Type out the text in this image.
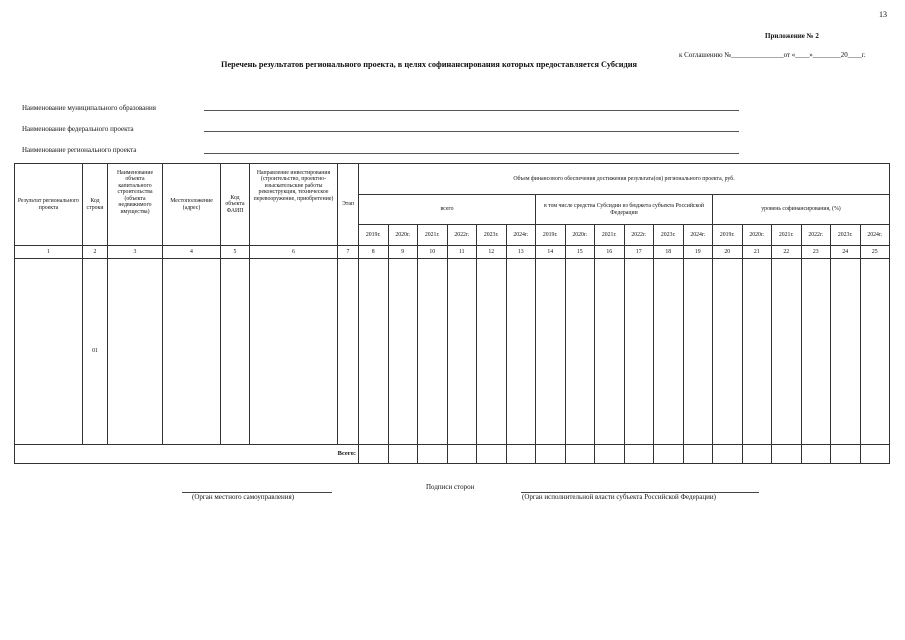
13
Приложение № 2
к Соглашению №_______________от «____»________20____г.
Перечень результатов регионального проекта, в целях софинансирования которых предоставляется Субсидия
Наименование муниципального образования
Наименование федерального проекта
Наименование регионального проекта
Результат регионального проекта	Код строки	Наименование объекта капитального строительства (объекта недвижимого имущества)	Местоположение (адрес)	Код объекта ФАИП	Направление инвестирования (строительство, проектно-изыскательские работы реконструкция, техническое перевооружение, приобретение)	Этап	Объем финансового обеспечения достижения результата(ов) регионального проекта, руб.																	
							всего						в том числе средства Субсидии из бюджета субъекта Российской Федерации						уровень софинансирования, (%)					
							2019г.	2020г.	2021г.	2022г.	2023г.	2024г.	2019г.	2020г.	2021г.	2022г.	2023г.	2024г.	2019г.	2020г.	2021г.	2022г.	2023г.	2024г.
1	2	3	4	5	6	7	8	9	10	11	12	13	14	15	16	17	18	19	20	21	22	23	24	25
	01																							
Всего:																								
(Орган местного самоуправления)
Подписи сторон
(Орган исполнительной власти субъекта Российской Федерации)
